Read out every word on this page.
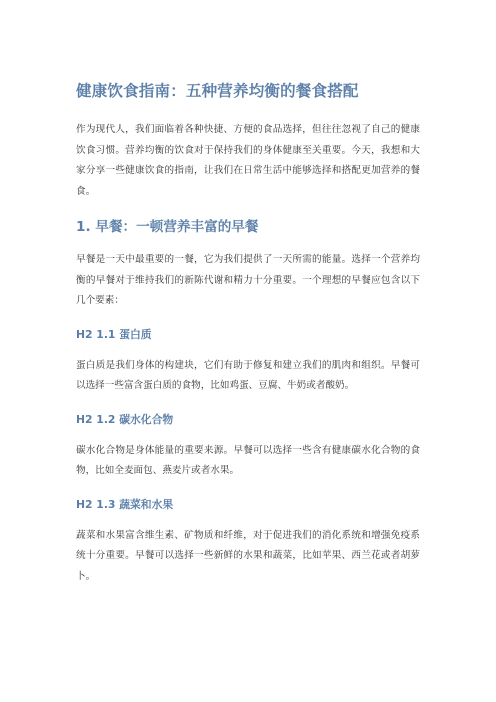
健康饮食指南：五种营养均衡的餐食搭配

作为现代人，我们面临着各种快捷、方便的食品选择，但往往忽视了自己的健康饮食习惯。营养均衡的饮食对于保持我们的身体健康至关重要。今天，我想和大家分享一些健康饮食的指南，让我们在日常生活中能够选择和搭配更加营养的餐食。

1. 早餐：一顿营养丰富的早餐

早餐是一天中最重要的一餐，它为我们提供了一天所需的能量。选择一个营养均衡的早餐对于维持我们的新陈代谢和精力十分重要。一个理想的早餐应包含以下几个要素：

H2 1.1 蛋白质

蛋白质是我们身体的构建块，它们有助于修复和建立我们的肌肉和组织。早餐可以选择一些富含蛋白质的食物，比如鸡蛋、豆腐、牛奶或者酸奶。

H2 1.2 碳水化合物

碳水化合物是身体能量的重要来源。早餐可以选择一些含有健康碳水化合物的食物，比如全麦面包、燕麦片或者水果。

H2 1.3 蔬菜和水果

蔬菜和水果富含维生素、矿物质和纤维，对于促进我们的消化系统和增强免疫系统十分重要。早餐可以选择一些新鲜的水果和蔬菜，比如苹果、西兰花或者胡萝卜。
